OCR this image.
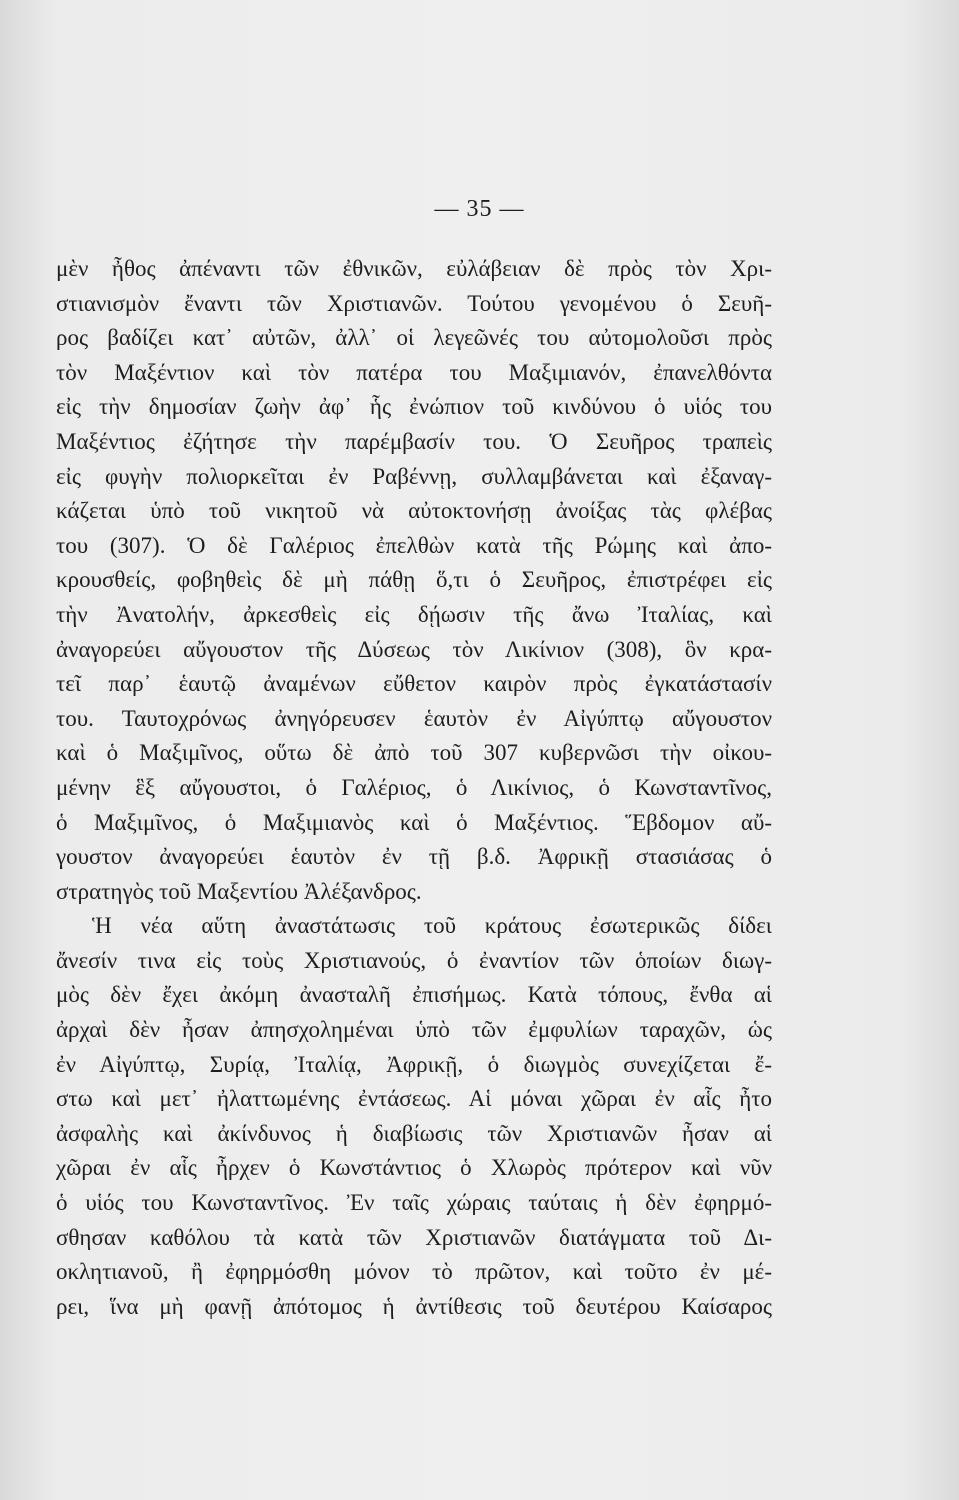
— 35 —
μὲν ἦθος ἀπέναντι τῶν ἐθνικῶν, εὐλάβειαν δὲ πρὸς τὸν Χρι-
στιανισμὸν ἔναντι τῶν Χριστιανῶν. Τούτου γενομένου ὁ Σευῆ-
ρος βαδίζει κατ᾿ αὐτῶν, ἀλλ᾿ οἱ λεγεῶνές του αὐτομολοῦσι πρὸς
τὸν Μαξέντιον καὶ τὸν πατέρα του Μαξιμιανόν, ἐπανελθόντα
εἰς τὴν δημοσίαν ζωὴν ἀφ᾿ ἧς ἐνώπιον τοῦ κινδύνου ὁ υἱός του
Μαξέντιος ἐζήτησε τὴν παρέμβασίν του. Ὁ Σευῆρος τραπεὶς
εἰς φυγὴν πολιορκεῖται ἐν Ραβέννῃ, συλλαμβάνεται καὶ ἐξαναγ-
κάζεται ὑπὸ τοῦ νικητοῦ νὰ αὐτοκτονήσῃ ἀνοίξας τὰς φλέβας
του (307). Ὁ δὲ Γαλέριος ἐπελθὼν κατὰ τῆς Ρώμης καὶ ἀπο-
κρουσθείς, φοβηθεὶς δὲ μὴ πάθῃ ὅ,τι ὁ Σευῆρος, ἐπιστρέφει εἰς
τὴν Ἀνατολήν, ἀρκεσθεὶς εἰς δῄωσιν τῆς ἄνω Ἰταλίας, καὶ
ἀναγορεύει αὔγουστον τῆς Δύσεως τὸν Λικίνιον (308), ὃν κρα-
τεῖ παρ᾿ ἑαυτῷ ἀναμένων εὔθετον καιρὸν πρὸς ἐγκατάστασίν
του. Ταυτοχρόνως ἀνηγόρευσεν ἑαυτὸν ἐν Αἰγύπτῳ αὔγουστον
καὶ ὁ Μαξιμῖνος, οὕτω δὲ ἀπὸ τοῦ 307 κυβερνῶσι τὴν οἰκου-
μένην ἓξ αὔγουστοι, ὁ Γαλέριος, ὁ Λικίνιος, ὁ Κωνσταντῖνος,
ὁ Μαξιμῖνος, ὁ Μαξιμιανὸς καὶ ὁ Μαξέντιος. Ἕβδομον αὔ-
γουστον ἀναγορεύει ἑαυτὸν ἐν τῇ β.δ. Ἀφρικῇ στασιάσας ὁ
στρατηγὸς τοῦ Μαξεντίου Ἀλέξανδρος.
Ἡ νέα αὕτη ἀναστάτωσις τοῦ κράτους ἐσωτερικῶς δίδει
ἄνεσίν τινα εἰς τοὺς Χριστιανούς, ὁ ἐναντίον τῶν ὁποίων διωγ-
μὸς δὲν ἔχει ἀκόμη ἀνασταλῆ ἐπισήμως. Κατὰ τόπους, ἔνθα αἱ
ἀρχαὶ δὲν ἦσαν ἀπησχολημέναι ὑπὸ τῶν ἐμφυλίων ταραχῶν, ὡς
ἐν Αἰγύπτῳ, Συρίᾳ, Ἰταλίᾳ, Ἀφρικῇ, ὁ διωγμὸς συνεχίζεται ἔ-
στω καὶ μετ᾿ ἠλαττωμένης ἐντάσεως. Αἱ μόναι χῶραι ἐν αἷς ἦτο
ἀσφαλὴς καὶ ἀκίνδυνος ἡ διαβίωσις τῶν Χριστιανῶν ἦσαν αἱ
χῶραι ἐν αἷς ἦρχεν ὁ Κωνστάντιος ὁ Χλωρὸς πρότερον καὶ νῦν
ὁ υἱός του Κωνσταντῖνος. Ἐν ταῖς χώραις ταύταις ἡ δὲν ἐφηρμό-
σθησαν καθόλου τὰ κατὰ τῶν Χριστιανῶν διατάγματα τοῦ Δι-
οκλητιανοῦ, ἢ ἐφηρμόσθη μόνον τὸ πρῶτον, καὶ τοῦτο ἐν μέ-
ρει, ἵνα μὴ φανῇ ἀπότομος ἡ ἀντίθεσις τοῦ δευτέρου Καίσαρος
